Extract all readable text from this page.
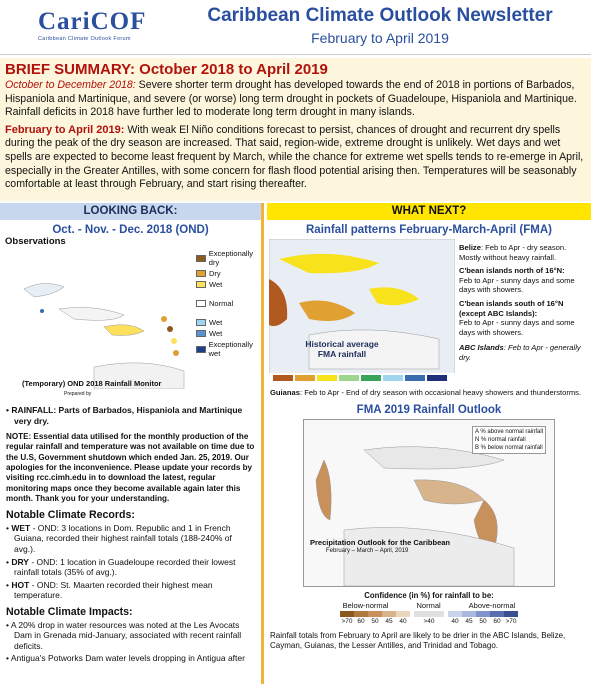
CariCOF
Caribbean Climate Outlook Forum
Caribbean Climate Outlook Newsletter
February to April 2019
BRIEF SUMMARY: October 2018 to April 2019

October to December 2018: Severe shorter term drought has developed towards the end of 2018 in portions of Barbados, Hispaniola and Martinique, and severe (or worse) long term drought in pockets of Guadeloupe, Hispaniola and Martinique. Rainfall deficits in 2018 have further led to moderate long term drought in many islands.

February to April 2019: With weak El Niño conditions forecast to persist, chances of drought and recurrent dry spells during the peak of the dry season are increased. That said, region-wide, extreme drought is unlikely. Wet days and wet spells are expected to become least frequent by March, while the chance for extreme wet spells tends to re-emerge in April, especially in the Greater Antilles, with some concern for flash flood potential arising then. Temperatures will be seasonably comfortable at least through February, and start rising thereafter.

LOOKING BACK:
Oct. - Nov. - Dec. 2018 (OND)
Observations
(Temporary) OND 2018 Rainfall Monitor
Prepared by
Exceptionally dry
Dry
Wet
Normal
Wet
Wet
Exceptionally wet
• RAINFALL: Parts of Barbados, Hispaniola and Martinique very dry.
NOTE: Essential data utilised for the monthly production of the regular rainfall and temperature was not available on time due to the U.S, Government shutdown which ended Jan. 25, 2019. Our apologies for the inconvenience. Please update your records by visiting rcc.cimh.edu in to download the latest, regular monitoring maps once they become available again later this month. Thank you for your understanding.
Notable Climate Records:
• WET - OND: 3 locations in Dom. Republic and 1 in French Guiana, recorded their highest rainfall totals (188-240% of avg.).
• DRY - OND: 1 location in Guadeloupe recorded their lowest rainfall totals (35% of avg.).
• HOT - OND: St. Maarten recorded their highest mean temperature.
Notable Climate Impacts:
• A 20% drop in water resources was noted at the Les Avocats Dam in Grenada mid-January, associated with recent rainfall deficits.
• Antigua's Potworks Dam water levels dropping in Antigua after
WHAT NEXT?
Rainfall patterns February-March-April (FMA)
Historical average FMA rainfall
Belize: Feb to Apr - dry season. Mostly without heavy rainfall.
C'bean islands north of 16°N:
Feb to Apr - sunny days and some days with showers.
C'bean islands south of 16°N (except ABC Islands):
Feb to Apr - sunny days and some days with showers.
ABC Islands: Feb to Apr - generally dry.
Guianas: Feb to Apr - End of dry season with occasional heavy showers and thunderstorms.
FMA 2019 Rainfall Outlook
A % above normal rainfall
N % normal rainfall
B % below normal rainfall
Precipitation Outlook for the Caribbean
February – March – April, 2019
Confidence (in %) for rainfall to be:
Below-normal	Normal	Above-normal
>70 60	50	45	40	>40	40	45	50	60 >70
Rainfall totals from February to April are likely to be drier in the ABC Islands, Belize, Cayman, Guianas, the Lesser Antilles, and Trinidad and Tobago.
